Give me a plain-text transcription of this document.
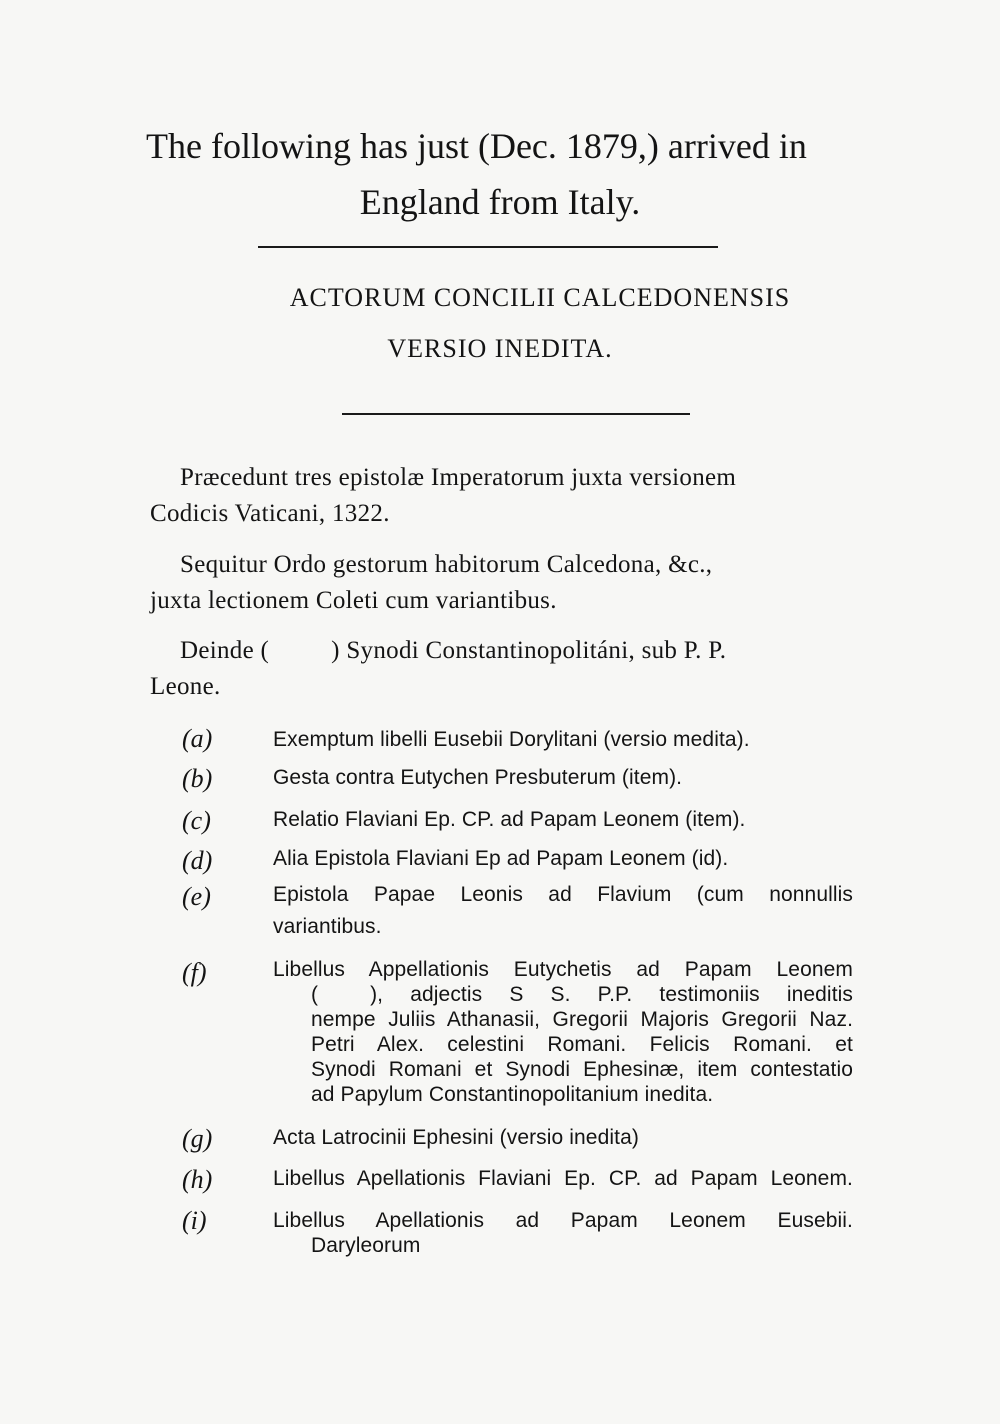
The following has just (Dec. 1879,) arrived in
England from Italy.
ACTORUM CONCILII CALCEDONENSIS
VERSIO INEDITA.

Præcedunt tres epistolæ Imperatorum juxta versionem

Codicis Vaticani, 1322.

Sequitur Ordo gestorum habitorum Calcedona, &c.,

juxta lectionem Coleti cum variantibus.

Deinde ( ) Synodi Constantinopolitáni, sub P. P.

Leone.

(a)	Exemptum libelli Eusebii Dorylitani (versio medita).
(b)	Gesta contra Eutychen Presbuterum (item).
(c)	Relatio Flaviani Ep. CP. ad Papam Leonem (item).
(d)	Alia Epistola Flaviani Ep ad Papam Leonem (id).
(e)	Epistola Papae Leonis ad Flavium (cum nonnullis
variantibus.
(f)	Libellus Appellationis Eutychetis ad Papam Leonem
( ), adjectis S S. P.P. testimoniis ineditis
nempe Juliis Athanasii, Gregorii Majoris Gregorii Naz.
Petri Alex. celestini Romani. Felicis Romani. et
Synodi Romani et Synodi Ephesinæ, item contestatio
ad Papylum Constantinopolitanium inedita.
(g)	Acta Latrocinii Ephesini (versio inedita)
(h)	Libellus Apellationis Flaviani Ep. CP. ad Papam Leonem.
(i)	Libellus Apellationis ad Papam Leonem Eusebii.
Daryleorum
